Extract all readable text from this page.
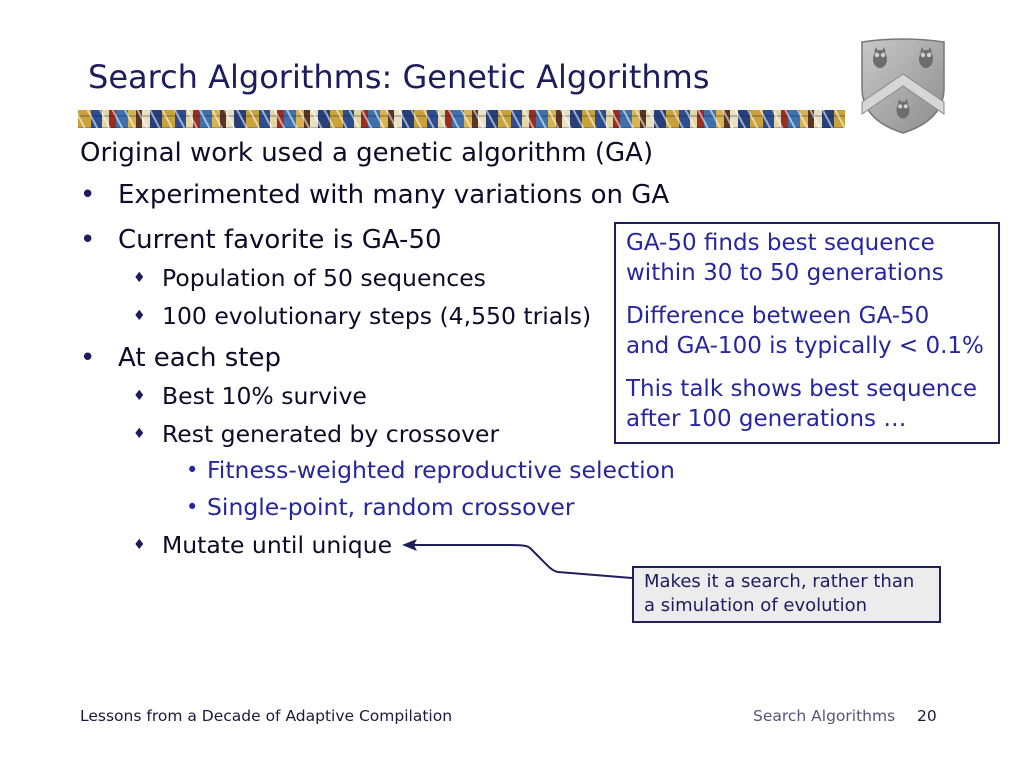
Search Algorithms: Genetic Algorithms
Original work used a genetic algorithm (GA)
• Experimented with many variations on GA
• Current favorite is GA-50
♦ Population of 50 sequences
♦ 100 evolutionary steps (4,550 trials)
• At each step
♦ Best 10% survive
♦ Rest generated by crossover
• Fitness-weighted reproductive selection
• Single-point, random crossover
♦ Mutate until unique
GA-50 finds best sequence
within 30 to 50 generations
Difference between GA-50
and GA-100 is typically < 0.1%
This talk shows best sequence
after 100 generations …
Makes it a search, rather than
a simulation of evolution
Lessons from a Decade of Adaptive Compilation	Search Algorithms 20
